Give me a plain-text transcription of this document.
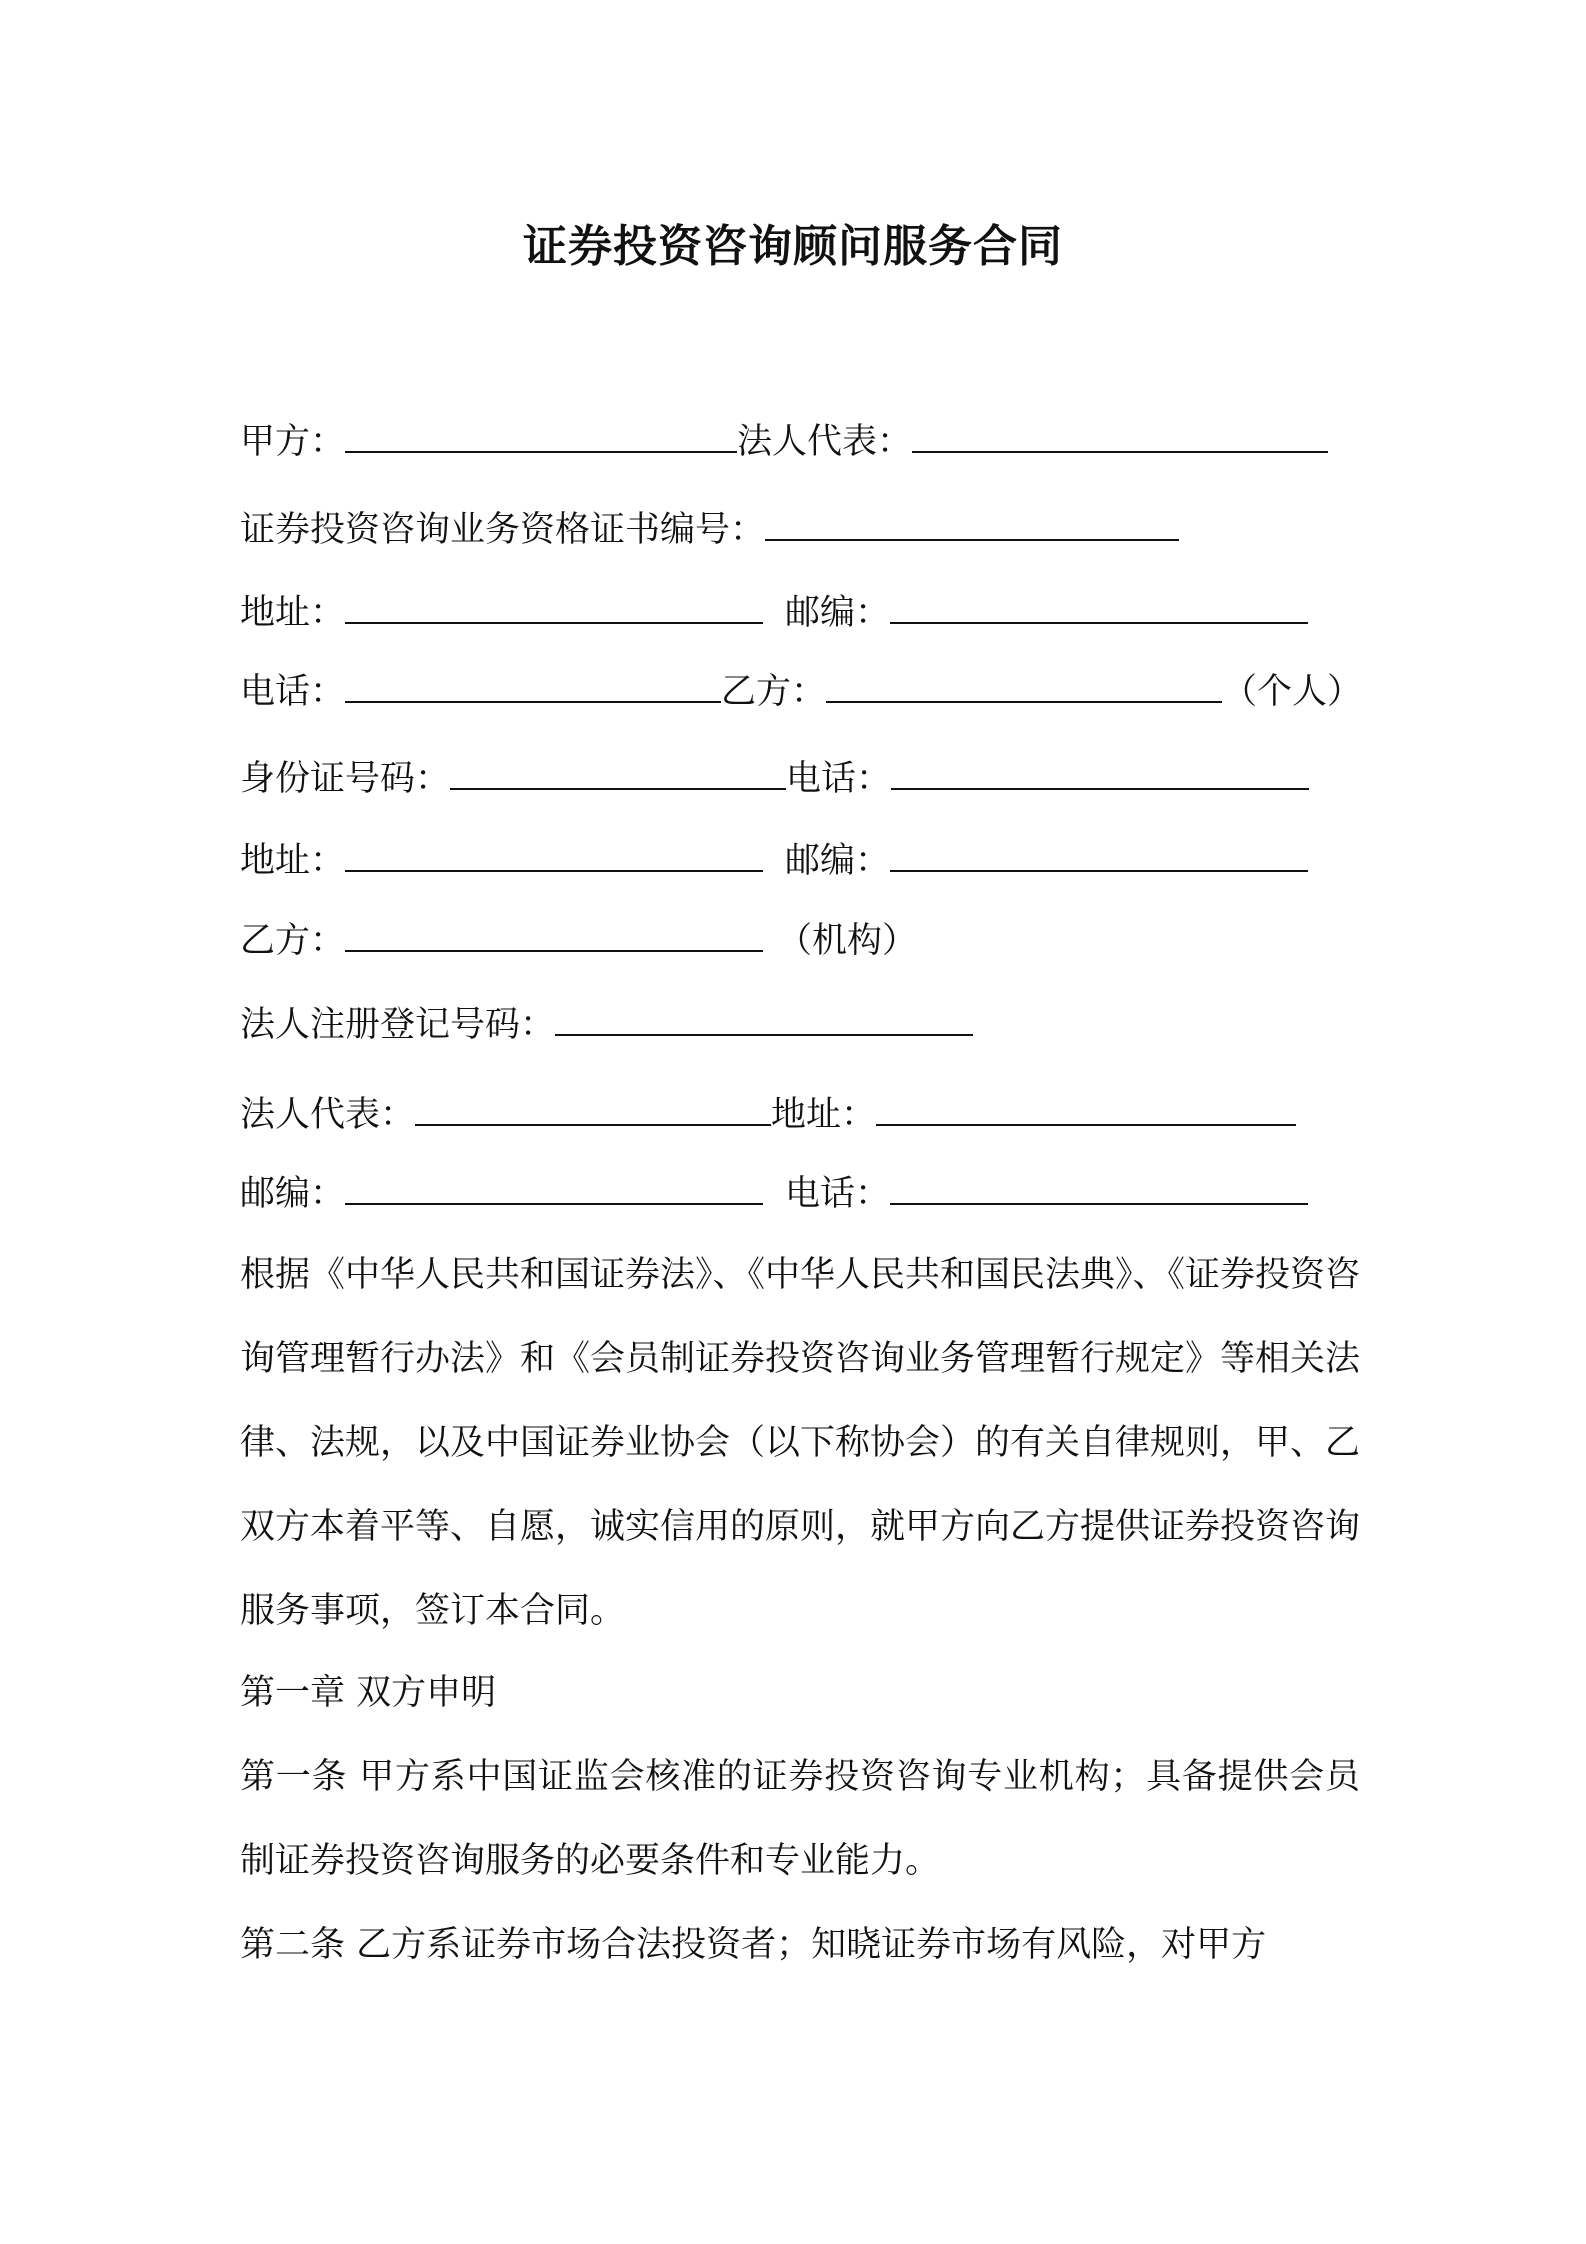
证券投资咨询顾问服务合同
甲方：	法人代表：
证券投资咨询业务资格证书编号：
地址：	邮编：
电话：	乙方：	（个人）
身份证号码：	电话：
地址：	邮编：
乙方：	（机构）
法人注册登记号码：
法人代表：	地址：
邮编：	电话：
根据《中华人民共和国证券法》、《中华人民共和国民法典》、《证券投资咨询管理暂行办法》和《会员制证券投资咨询业务管理暂行规定》等相关法律、法规，以及中国证券业协会（以下称协会）的有关自律规则，甲、乙双方本着平等、自愿，诚实信用的原则，就甲方向乙方提供证券投资咨询服务事项，签订本合同。
第一章 双方申明
第一条 甲方系中国证监会核准的证券投资咨询专业机构；具备提供会员制证券投资咨询服务的必要条件和专业能力。
第二条 乙方系证券市场合法投资者；知晓证券市场有风险，对甲方
